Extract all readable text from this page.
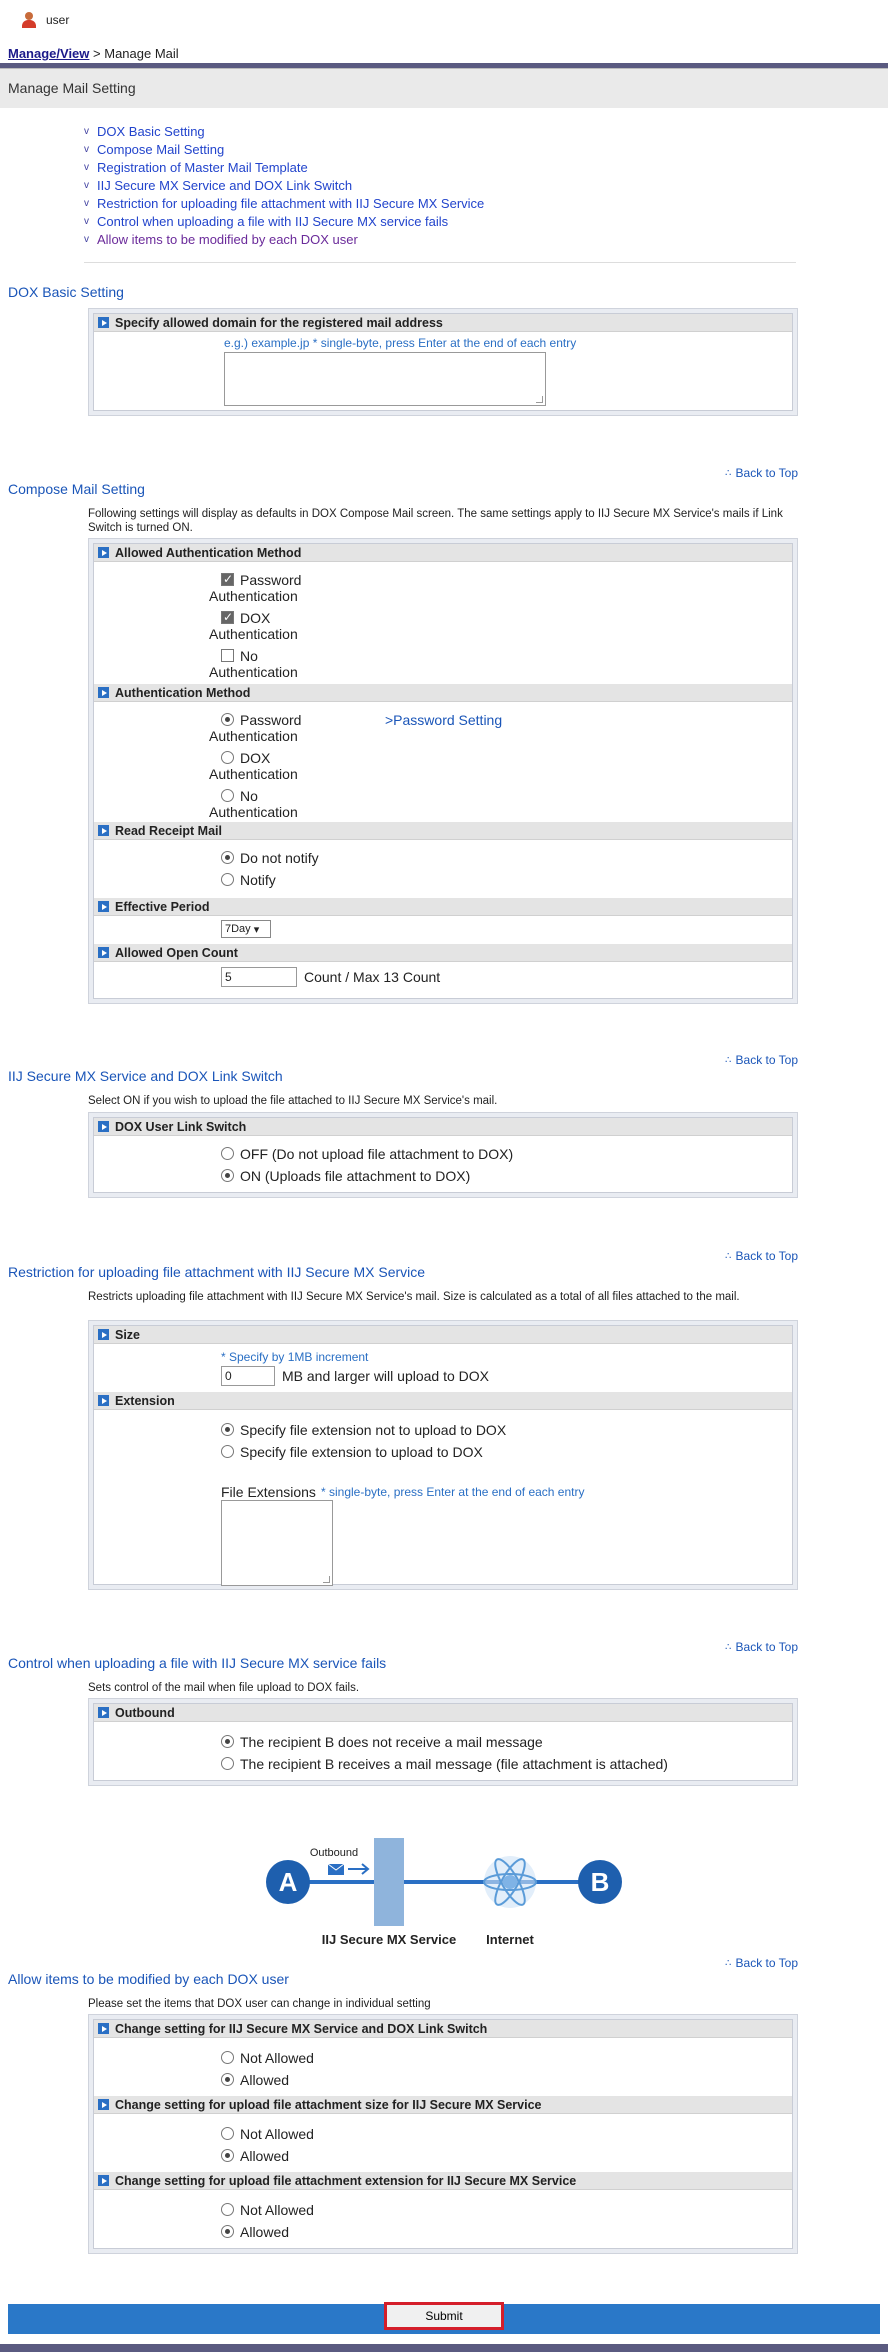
user
Manage/View > Manage Mail
Manage Mail Setting
v DOX Basic Setting
v Compose Mail Setting
v Registration of Master Mail Template
v IIJ Secure MX Service and DOX Link Switch
v Restriction for uploading file attachment with IIJ Secure MX Service
v Control when uploading a file with IIJ Secure MX service fails
v Allow items to be modified by each DOX user
DOX Basic Setting
Specify allowed domain for the registered mail address
e.g.) example.jp * single-byte, press Enter at the end of each entry
∴ Back to Top
Compose Mail Setting
Following settings will display as defaults in DOX Compose Mail screen. The same settings apply to IIJ Secure MX Service's mails if Link Switch is turned ON.
Allowed Authentication Method
✓
Password
Authentication
✓
DOX
Authentication
No
Authentication
Authentication Method
Password
Authentication
>Password Setting
DOX
Authentication
No
Authentication
Read Receipt Mail
Do not notify
Notify
Effective Period
7Day ▾
Allowed Open Count
5	Count / Max 13 Count
∴ Back to Top
IIJ Secure MX Service and DOX Link Switch
Select ON if you wish to upload the file attached to IIJ Secure MX Service's mail.
DOX User Link Switch
OFF (Do not upload file attachment to DOX)
ON (Uploads file attachment to DOX)
∴ Back to Top
Restriction for uploading file attachment with IIJ Secure MX Service
Restricts uploading file attachment with IIJ Secure MX Service's mail. Size is calculated as a total of all files attached to the mail.
Size
* Specify by 1MB increment
0	MB and larger will upload to DOX
Extension
Specify file extension not to upload to DOX
Specify file extension to upload to DOX
File Extensions * single-byte, press Enter at the end of each entry
∴ Back to Top
Control when uploading a file with IIJ Secure MX service fails
Sets control of the mail when file upload to DOX fails.
Outbound
The recipient B does not receive a mail message
The recipient B receives a mail message (file attachment is attached)
A	B
Outbound
IIJ Secure MX Service Internet
∴ Back to Top
Allow items to be modified by each DOX user
Please set the items that DOX user can change in individual setting
Change setting for IIJ Secure MX Service and DOX Link Switch
Not Allowed
Allowed
Change setting for upload file attachment size for IIJ Secure MX Service
Not Allowed
Allowed
Change setting for upload file attachment extension for IIJ Secure MX Service
Not Allowed
Allowed
Submit
